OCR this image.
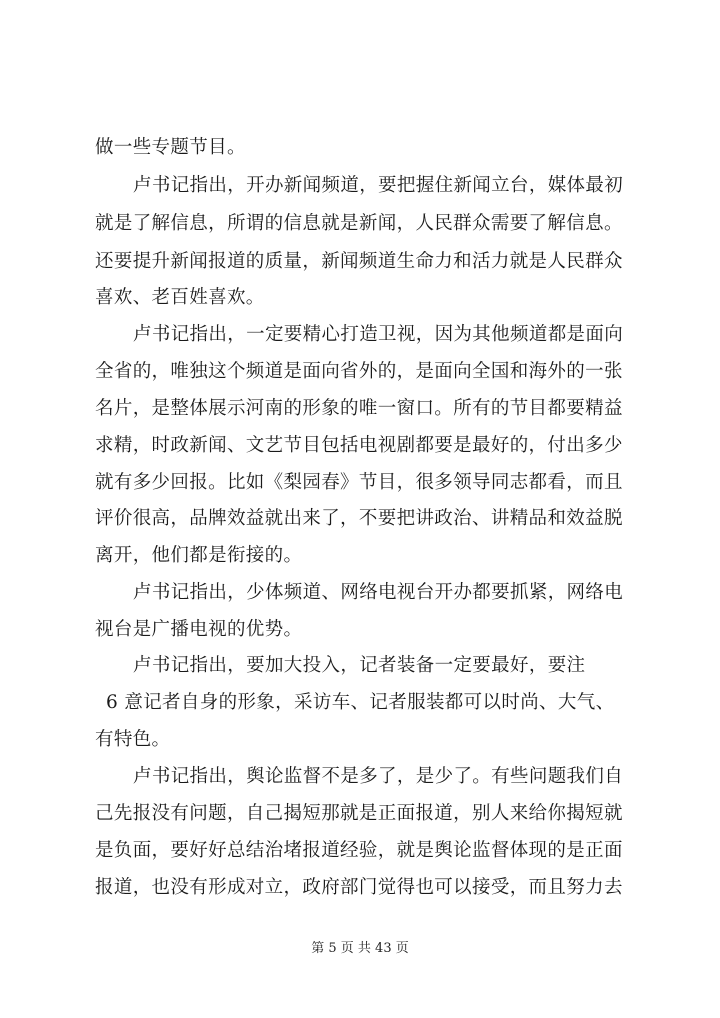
做一些专题节目。
卢书记指出，开办新闻频道，要把握住新闻立台，媒体最初
就是了解信息，所谓的信息就是新闻，人民群众需要了解信息。
还要提升新闻报道的质量，新闻频道生命力和活力就是人民群众
喜欢、老百姓喜欢。
卢书记指出，一定要精心打造卫视，因为其他频道都是面向
全省的，唯独这个频道是面向省外的，是面向全国和海外的一张
名片，是整体展示河南的形象的唯一窗口。所有的节目都要精益
求精，时政新闻、文艺节目包括电视剧都要是最好的，付出多少
就有多少回报。比如《梨园春》节目，很多领导同志都看，而且
评价很高，品牌效益就出来了，不要把讲政治、讲精品和效益脱
离开，他们都是衔接的。
卢书记指出，少体频道、网络电视台开办都要抓紧，网络电
视台是广播电视的优势。
卢书记指出，要加大投入，记者装备一定要最好，要注
6 意记者自身的形象，采访车、记者服装都可以时尚、大气、
有特色。
卢书记指出，舆论监督不是多了，是少了。有些问题我们自
己先报没有问题，自己揭短那就是正面报道，别人来给你揭短就
是负面，要好好总结治堵报道经验，就是舆论监督体现的是正面
报道，也没有形成对立，政府部门觉得也可以接受，而且努力去
第 5 页 共 43 页
